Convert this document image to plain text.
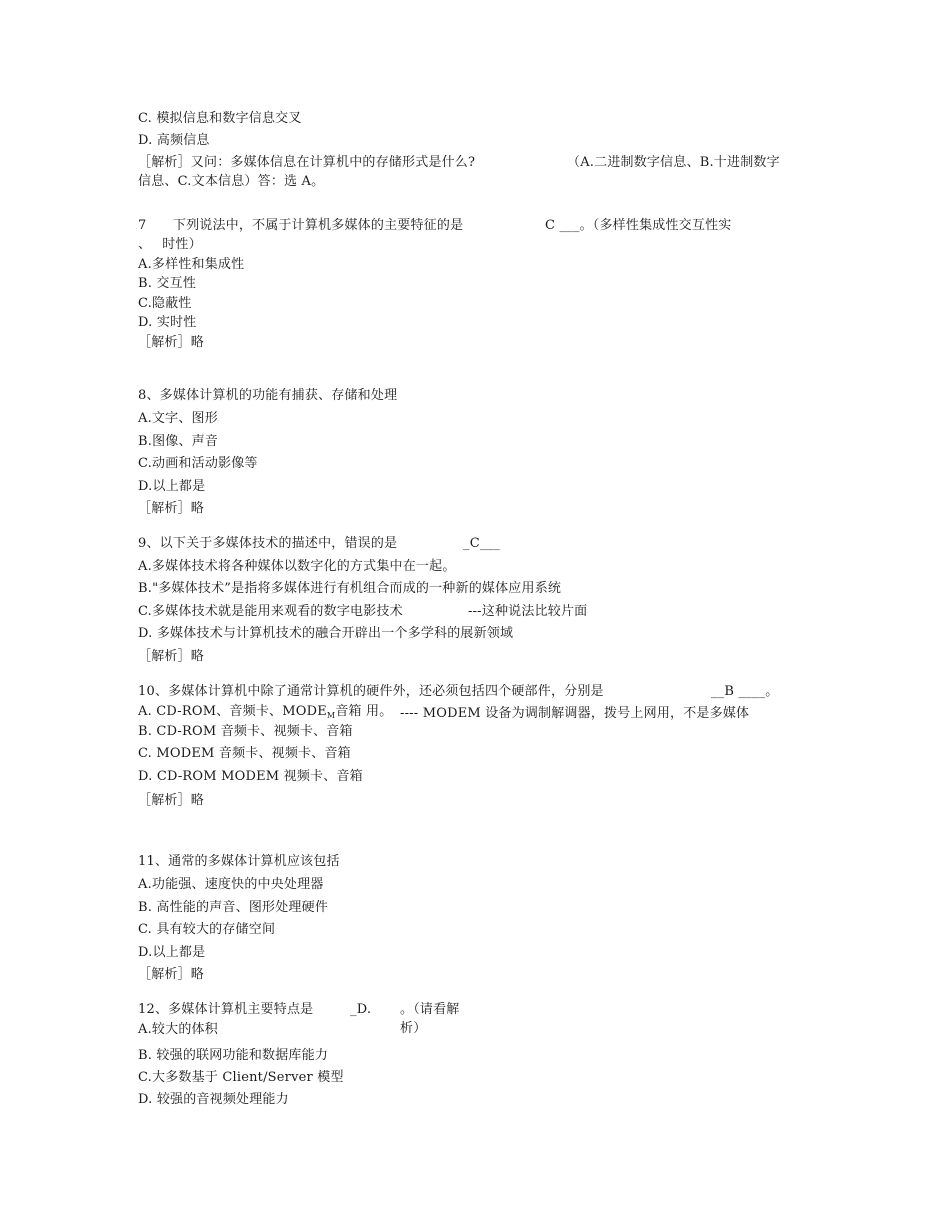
C. 模拟信息和数字信息交叉
D. 高频信息
［解析］又问：多媒体信息在计算机中的存储形式是什么?	（A.二进制数字信息、B.十进制数字
信息、C.文本信息）答：选 A。
7　　下列说法中，不属于计算机多媒体的主要特征的是	C ___。（多样性集成性交互性实
、　 时性）
A.多样性和集成性
B. 交互性
C.隐蔽性
D. 实时性
［解析］略
8、多媒体计算机的功能有捕获、存储和处理
A.文字、图形
B.图像、声音
C.动画和活动影像等
D.以上都是
［解析］略
9、以下关于多媒体技术的描述中，错误的是	_C___
A.多媒体技术将各种媒体以数字化的方式集中在一起。
B."多媒体技术”是指将多媒体进行有机组合而成的一种新的媒体应用系统
C.多媒体技术就是能用来观看的数字电影技术	---这种说法比较片面
D. 多媒体技术与计算机技术的融合开辟出一个多学科的展新领域
［解析］略
10、多媒体计算机中除了通常计算机的硬件外，还必须包括四个硬部件，分别是	__B ____。
A. CD-ROM、音频卡、$MODE_M$音箱 用。 ---- MODEM 设备为调制解调器，拨号上网用，不是多媒体
B. CD-ROM 音频卡、视频卡、音箱
C. MODEM 音频卡、视频卡、音箱
D. CD-ROM MODEM 视频卡、音箱
［解析］略
11、通常的多媒体计算机应该包括
A.功能强、速度快的中央处理器
B. 高性能的声音、图形处理硬件
C. 具有较大的存储空间
D.以上都是
［解析］略
12、多媒体计算机主要特点是	_D. 。（请看解
A.较大的体积	析）
B. 较强的联网功能和数据库能力
C.大多数基于 Client/Server 模型
D. 较强的音视频处理能力
